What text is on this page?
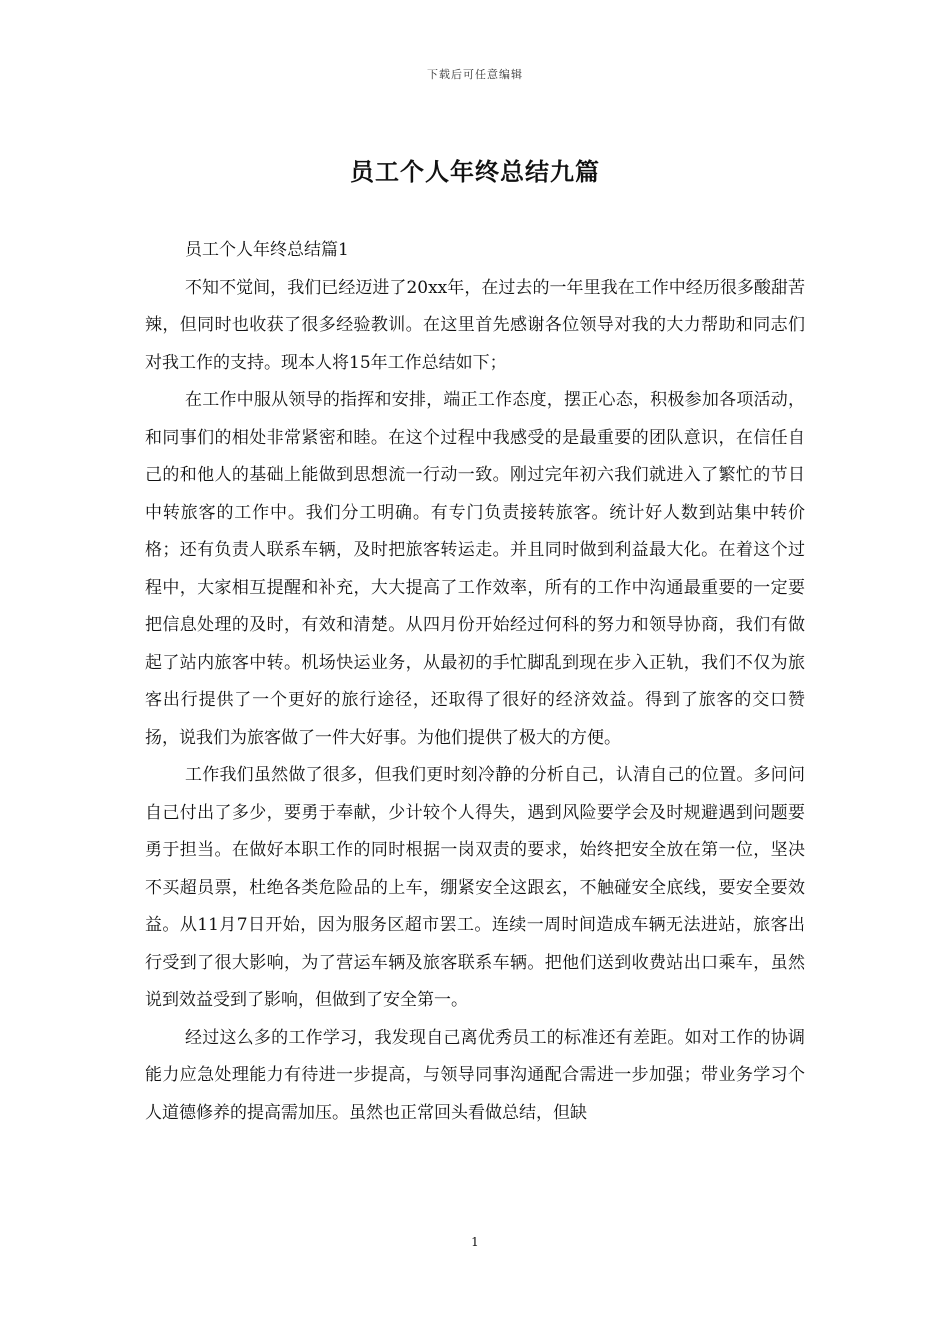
下载后可任意编辑
员工个人年终总结九篇

员工个人年终总结篇1

不知不觉间，我们已经迈进了20xx年，在过去的一年里我在工作中经历很多酸甜苦辣，但同时也收获了很多经验教训。在这里首先感谢各位领导对我的大力帮助和同志们对我工作的支持。现本人将15年工作总结如下；

在工作中服从领导的指挥和安排，端正工作态度，摆正心态，积极参加各项活动，和同事们的相处非常紧密和睦。在这个过程中我感受的是最重要的团队意识，在信任自己的和他人的基础上能做到思想流一行动一致。刚过完年初六我们就进入了繁忙的节日中转旅客的工作中。我们分工明确。有专门负责接转旅客。统计好人数到站集中转价格；还有负责人联系车辆，及时把旅客转运走。并且同时做到利益最大化。在着这个过程中，大家相互提醒和补充，大大提高了工作效率，所有的工作中沟通最重要的一定要把信息处理的及时，有效和清楚。从四月份开始经过何科的努力和领导协商，我们有做起了站内旅客中转。机场快运业务，从最初的手忙脚乱到现在步入正轨，我们不仅为旅客出行提供了一个更好的旅行途径，还取得了很好的经济效益。得到了旅客的交口赞扬，说我们为旅客做了一件大好事。为他们提供了极大的方便。

工作我们虽然做了很多，但我们更时刻冷静的分析自己，认清自己的位置。多问问自己付出了多少，要勇于奉献，少计较个人得失，遇到风险要学会及时规避遇到问题要勇于担当。在做好本职工作的同时根据一岗双责的要求，始终把安全放在第一位，坚决不买超员票，杜绝各类危险品的上车，绷紧安全这跟玄，不触碰安全底线，要安全要效益。从11月7日开始，因为服务区超市罢工。连续一周时间造成车辆无法进站，旅客出行受到了很大影响，为了营运车辆及旅客联系车辆。把他们送到收费站出口乘车，虽然说到效益受到了影响，但做到了安全第一。

经过这么多的工作学习，我发现自己离优秀员工的标准还有差距。如对工作的协调能力应急处理能力有待进一步提高，与领导同事沟通配合需进一步加强；带业务学习个人道德修养的提高需加压。虽然也正常回头看做总结，但缺

1
